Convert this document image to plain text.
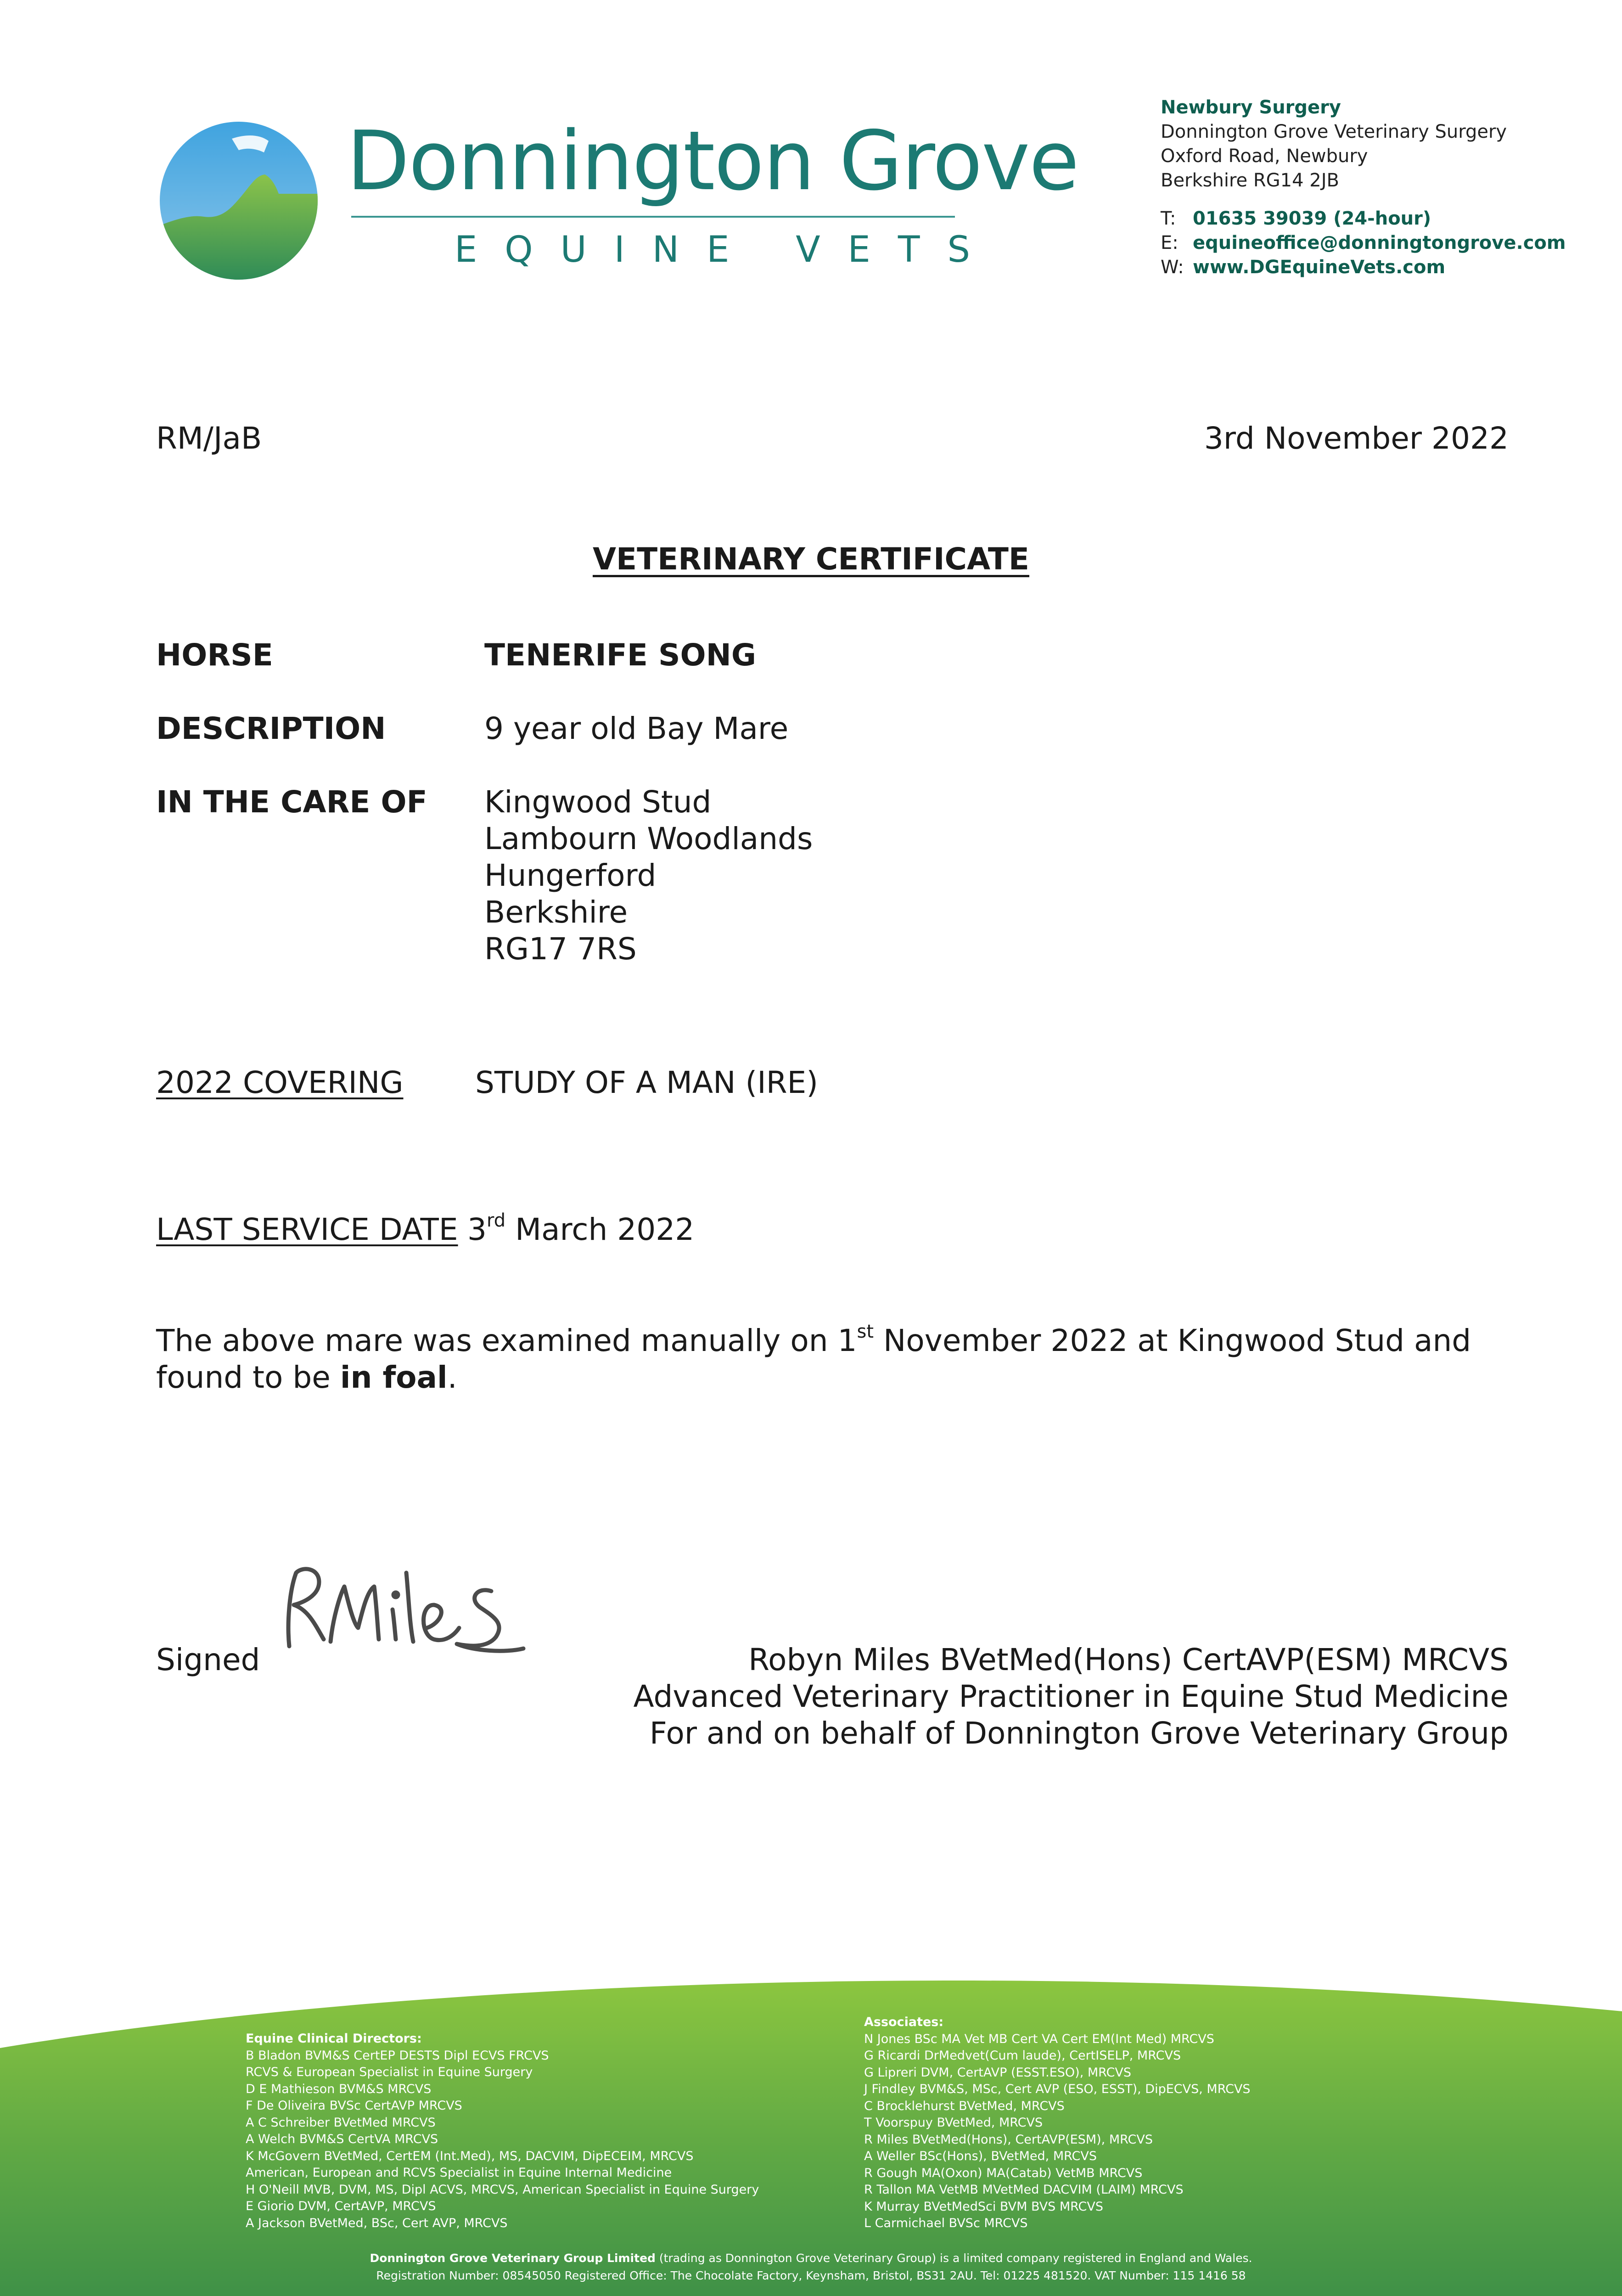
Donnington Grove
EQUINE VETS
Newbury Surgery
Donnington Grove Veterinary Surgery
Oxford Road, Newbury
Berkshire RG14 2JB
T: 01635 39039 (24-hour)
E: equineoffice@donningtongrove.com
W: www.DGEquineVets.com
RM/JaB	3rd November 2022
VETERINARY CERTIFICATE
HORSE	TENERIFE SONG
DESCRIPTION	9 year old Bay Mare
IN THE CARE OF Kingwood Stud
Lambourn Woodlands
Hungerford
Berkshire
RG17 7RS
2022 COVERING STUDY OF A MAN (IRE)
LAST SERVICE DATE 3rd March 2022
The above mare was examined manually on 1st November 2022 at Kingwood Stud and
found to be in foal.
Signed	Robyn Miles BVetMed(Hons) CertAVP(ESM) MRCVS
Advanced Veterinary Practitioner in Equine Stud Medicine
For and on behalf of Donnington Grove Veterinary Group
Equine Clinical Directors:
B Bladon BVM&S CertEP DESTS Dipl ECVS FRCVS
RCVS & European Specialist in Equine Surgery
D E Mathieson BVM&S MRCVS
F De Oliveira BVSc CertAVP MRCVS
A C Schreiber BVetMed MRCVS
A Welch BVM&S CertVA MRCVS
K McGovern BVetMed, CertEM (Int.Med), MS, DACVIM, DipECEIM, MRCVS
American, European and RCVS Specialist in Equine Internal Medicine
H O'Neill MVB, DVM, MS, Dipl ACVS, MRCVS, American Specialist in Equine Surgery
E Giorio DVM, CertAVP, MRCVS
A Jackson BVetMed, BSc, Cert AVP, MRCVS
Associates:
N Jones BSc MA Vet MB Cert VA Cert EM(Int Med) MRCVS
G Ricardi DrMedvet(Cum laude), CertISELP, MRCVS
G Lipreri DVM, CertAVP (ESST.ESO), MRCVS
J Findley BVM&S, MSc, Cert AVP (ESO, ESST), DipECVS, MRCVS
C Brocklehurst BVetMed, MRCVS
T Voorspuy BVetMed, MRCVS
R Miles BVetMed(Hons), CertAVP(ESM), MRCVS
A Weller BSc(Hons), BVetMed, MRCVS
R Gough MA(Oxon) MA(Catab) VetMB MRCVS
R Tallon MA VetMB MVetMed DACVIM (LAIM) MRCVS
K Murray BVetMedSci BVM BVS MRCVS
L Carmichael BVSc MRCVS
Donnington Grove Veterinary Group Limited (trading as Donnington Grove Veterinary Group) is a limited company registered in England and Wales.
Registration Number: 08545050 Registered Office: The Chocolate Factory, Keynsham, Bristol, BS31 2AU. Tel: 01225 481520. VAT Number: 115 1416 58
